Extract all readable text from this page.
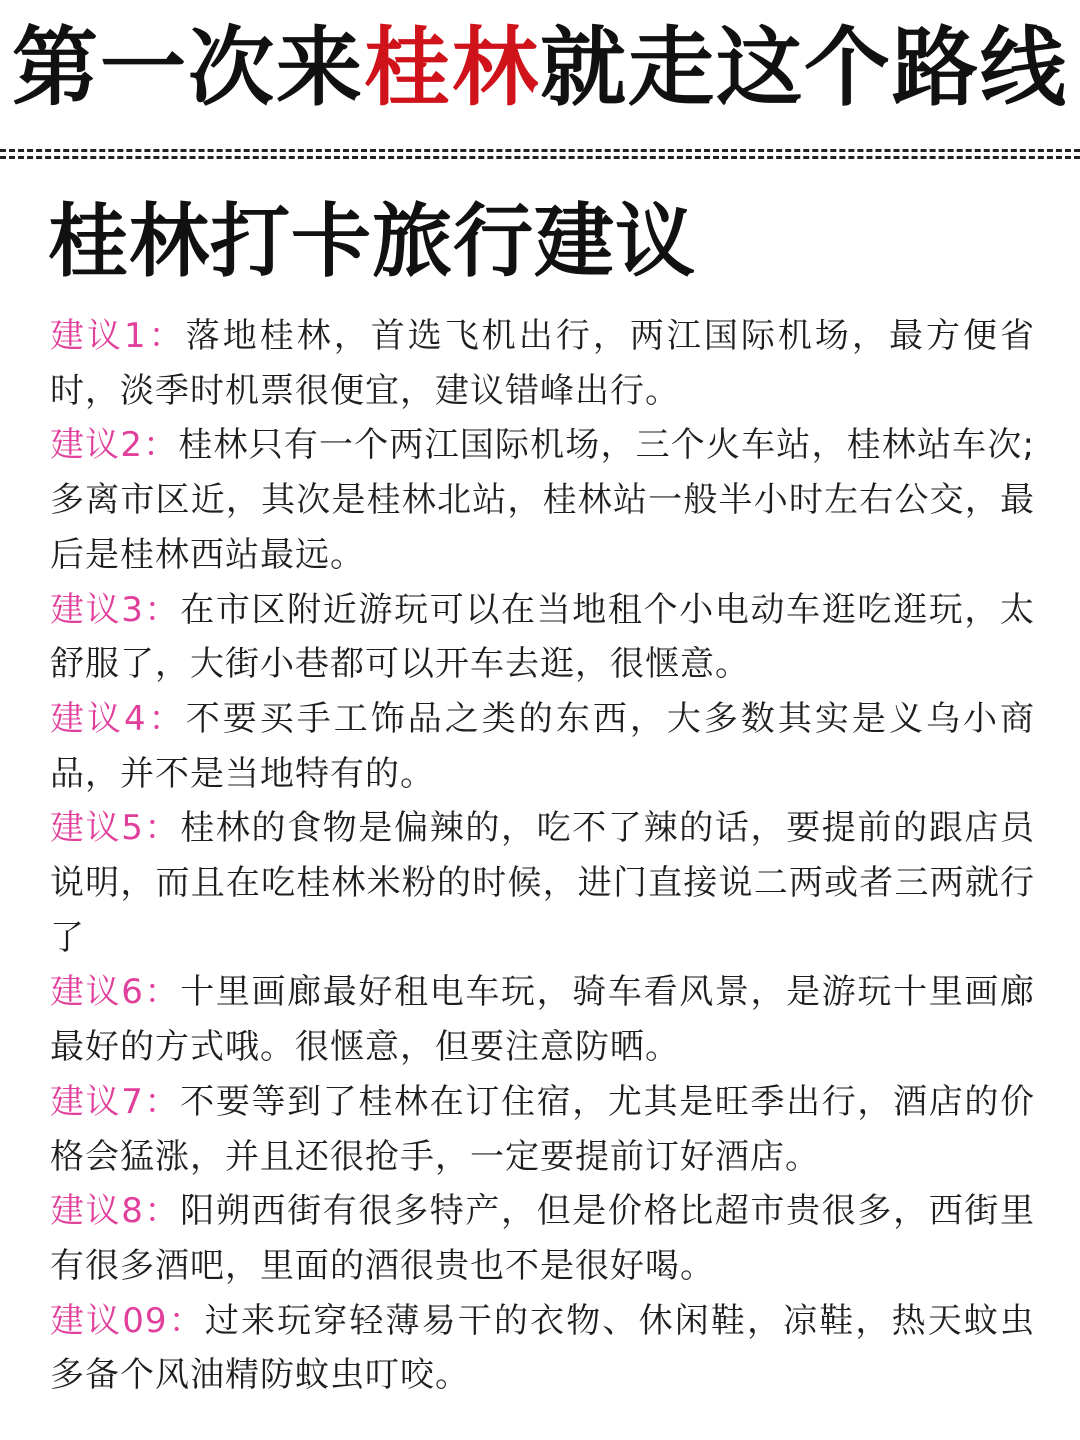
第一次来桂林就走这个路线
桂林打卡旅行建议
建议1：落地桂林，首选飞机出行，两江国际机场，最方便省时，淡季时机票很便宜，建议错峰出行。
建议2：桂林只有一个两江国际机场，三个火车站，桂林站车次;多离市区近，其次是桂林北站，桂林站一般半小时左右公交，最后是桂林西站最远。
建议3：在市区附近游玩可以在当地租个小电动车逛吃逛玩，太舒服了，大街小巷都可以开车去逛，很惬意。
建议4：不要买手工饰品之类的东西，大多数其实是义乌小商品，并不是当地特有的。
建议5：桂林的食物是偏辣的，吃不了辣的话，要提前的跟店员说明，而且在吃桂林米粉的时候，进门直接说二两或者三两就行了
建议6：十里画廊最好租电车玩，骑车看风景，是游玩十里画廊最好的方式哦。很惬意，但要注意防晒。
建议7：不要等到了桂林在订住宿，尤其是旺季出行，酒店的价格会猛涨，并且还很抢手，一定要提前订好酒店。
建议8：阳朔西街有很多特产，但是价格比超市贵很多，西街里有很多酒吧，里面的酒很贵也不是很好喝。
建议09：过来玩穿轻薄易干的衣物、休闲鞋，凉鞋，热天蚊虫多备个风油精防蚊虫叮咬。
